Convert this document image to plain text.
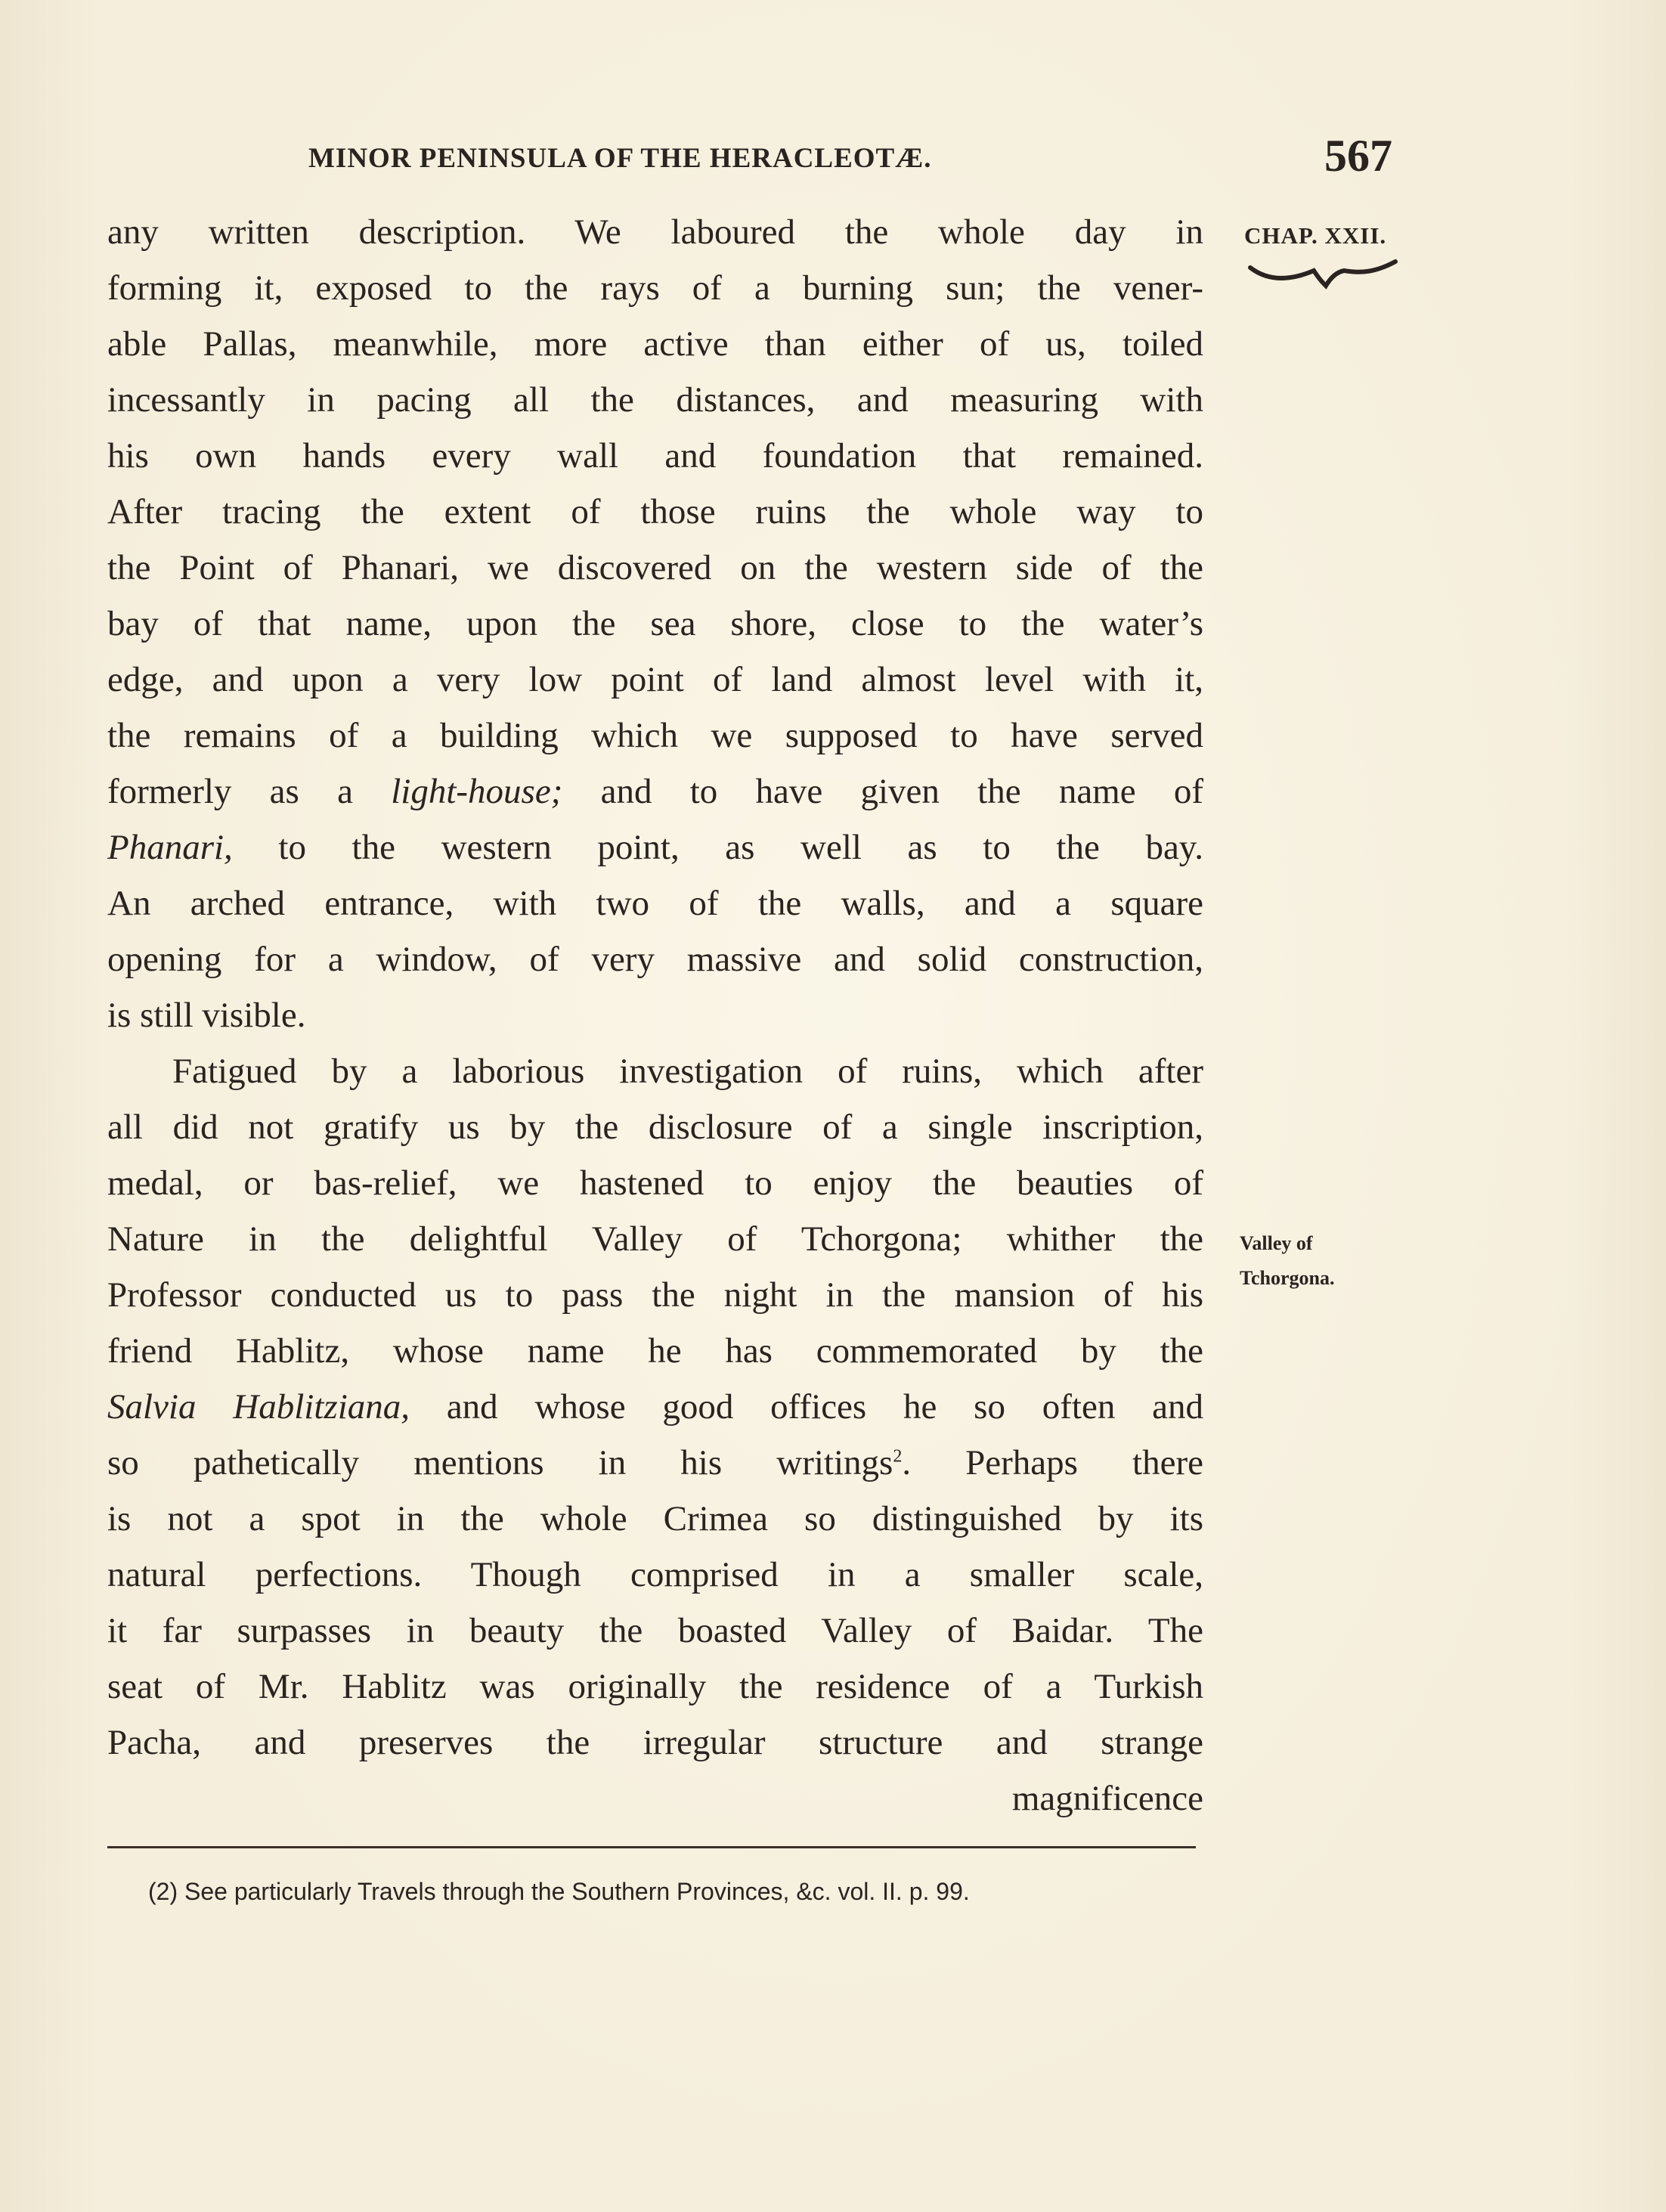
MINOR PENINSULA OF THE HERACLEOTÆ.	567
CHAP. XXII.
Valley of
Tchorgona.
any written description. We laboured the whole day in
forming it, exposed to the rays of a burning sun; the vener-
able Pallas, meanwhile, more active than either of us, toiled
incessantly in pacing all the distances, and measuring with
his own hands every wall and foundation that remained.
After tracing the extent of those ruins the whole way to
the Point of Phanari, we discovered on the western side of the
bay of that name, upon the sea shore, close to the water’s
edge, and upon a very low point of land almost level with it,
the remains of a building which we supposed to have served
formerly as a light-house; and to have given the name of
Phanari, to the western point, as well as to the bay.
An arched entrance, with two of the walls, and a square
opening for a window, of very massive and solid construction,
is still visible.
Fatigued by a laborious investigation of ruins, which after
all did not gratify us by the disclosure of a single inscription,
medal, or bas-relief, we hastened to enjoy the beauties of
Nature in the delightful Valley of Tchorgona; whither the
Professor conducted us to pass the night in the mansion of his
friend Hablitz, whose name he has commemorated by the
Salvia Hablitziana, and whose good offices he so often and
so pathetically mentions in his writings$^2$. Perhaps there
is not a spot in the whole Crimea so distinguished by its
natural perfections. Though comprised in a smaller scale,
it far surpasses in beauty the boasted Valley of Baidar. The
seat of Mr. Hablitz was originally the residence of a Turkish
Pacha, and preserves the irregular structure and strange
magnificence
(2) See particularly Travels through the Southern Provinces, &c. vol. II. p. 99.
